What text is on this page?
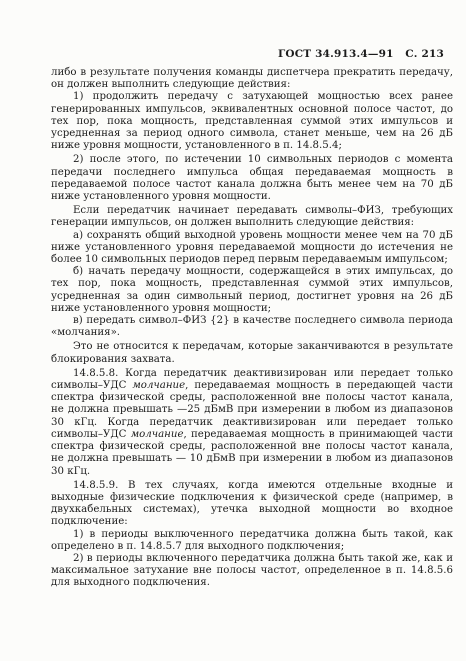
ГОСТ 34.913.4—91 С. 213

либо в результате получения команды диспетчера прекратить передачу, он должен выполнить следующие действия:

1) продолжить передачу с затухающей мощностью всех ранее генерированных импульсов, эквивалентных основной полосе частот, до тех пор, пока мощность, представленная суммой этих импульсов и усредненная за период одного символа, станет меньше, чем на 26 дБ ниже уровня мощности, установленного в п. 14.8.5.4;

2) после этого, по истечении 10 символьных периодов с момента передачи последнего импульса общая передаваемая мощность в передаваемой полосе частот канала должна быть менее чем на 70 дБ ниже установленного уровня мощности.

Если передатчик начинает передавать символы–ФИЗ, требующих генерации импульсов, он должен выполнить следующие действия:

а) сохранять общий выходной уровень мощности менее чем на 70 дБ ниже установленного уровня передаваемой мощности до истечения не более 10 символьных периодов перед первым передаваемым импульсом;

б) начать передачу мощности, содержащейся в этих импульсах, до тех пор, пока мощность, представленная суммой этих импульсов, усредненная за один символьный период, достигнет уровня на 26 дБ ниже установленного уровня мощности;

в) передать символ–ФИЗ {2} в качестве последнего символа периода «молчания».

Это не относится к передачам, которые заканчиваются в результате блокирования захвата.

14.8.5.8. Когда передатчик деактивизирован или передает только символы–УДС молчание, передаваемая мощность в передающей части спектра физической среды, расположенной вне полосы частот канала, не должна превышать —25 дБмВ при измерении в любом из диапазонов 30 кГц. Когда передатчик деактивизирован или передает только символы–УДС молчание, передаваемая мощность в принимающей части спектра физической среды, расположенной вне полосы частот канала, не должна превышать — 10 дБмВ при измерении в любом из диапазонов 30 кГц.

14.8.5.9. В тех случаях, когда имеются отдельные входные и выходные физические подключения к физической среде (например, в двухкабельных системах), утечка выходной мощности во входное подключение:

1) в периоды выключенного передатчика должна быть такой, как определено в п. 14.8.5.7 для выходного подключения;

2) в периоды включенного передатчика должна быть такой же, как и максимальное затухание вне полосы частот, определенное в п. 14.8.5.6 для выходного подключения.
